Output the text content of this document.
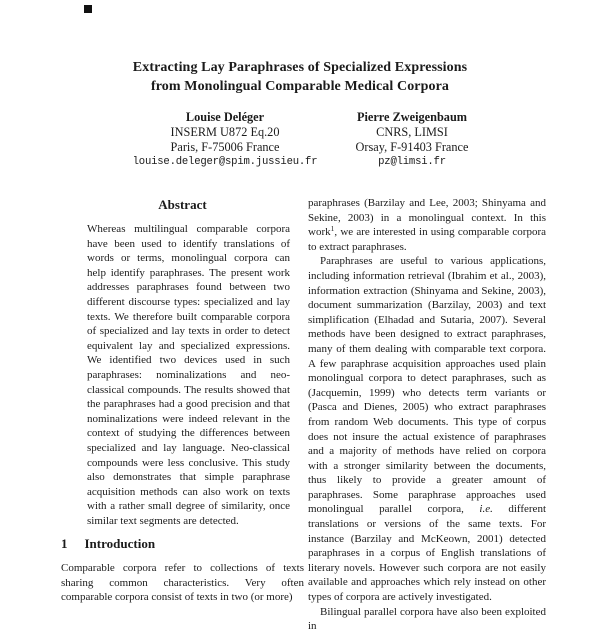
Extracting Lay Paraphrases of Specialized Expressions
from Monolingual Comparable Medical Corpora
Louise Deléger
INSERM U872 Eq.20
Paris, F-75006 France
louise.deleger@spim.jussieu.fr
Pierre Zweigenbaum
CNRS, LIMSI
Orsay, F-91403 France
pz@limsi.fr
Abstract
Whereas multilingual comparable corpora have been used to identify translations of words or terms, monolingual corpora can help identify paraphrases. The present work addresses paraphrases found between two different discourse types: specialized and lay texts. We therefore built comparable corpora of specialized and lay texts in order to detect equivalent lay and specialized expressions. We identified two devices used in such paraphrases: nominalizations and neo-classical compounds. The results showed that the paraphrases had a good precision and that nominalizations were indeed relevant in the context of studying the differences between specialized and lay language. Neo-classical compounds were less conclusive. This study also demonstrates that simple paraphrase acquisition methods can also work on texts with a rather small degree of similarity, once similar text segments are detected.
1 Introduction

Comparable corpora refer to collections of texts sharing common characteristics. Very often comparable corpora consist of texts in two (or more)

paraphrases (Barzilay and Lee, 2003; Shinyama and Sekine, 2003) in a monolingual context. In this work$^1$, we are interested in using comparable corpora to extract paraphrases.

Paraphrases are useful to various applications, including information retrieval (Ibrahim et al., 2003), information extraction (Shinyama and Sekine, 2003), document summarization (Barzilay, 2003) and text simplification (Elhadad and Sutaria, 2007). Several methods have been designed to extract paraphrases, many of them dealing with comparable text corpora. A few paraphrase acquisition approaches used plain monolingual corpora to detect paraphrases, such as (Jacquemin, 1999) who detects term variants or (Pasca and Dienes, 2005) who extract paraphrases from random Web documents. This type of corpus does not insure the actual existence of paraphrases and a majority of methods have relied on corpora with a stronger similarity between the documents, thus likely to provide a greater amount of paraphrases. Some paraphrase approaches used monolingual parallel corpora, i.e. different translations or versions of the same texts. For instance (Barzilay and McKeown, 2001) detected paraphrases in a corpus of English translations of literary novels. However such corpora are not easily available and approaches which rely instead on other types of corpora are actively investigated.

Bilingual parallel corpora have also been exploited in
